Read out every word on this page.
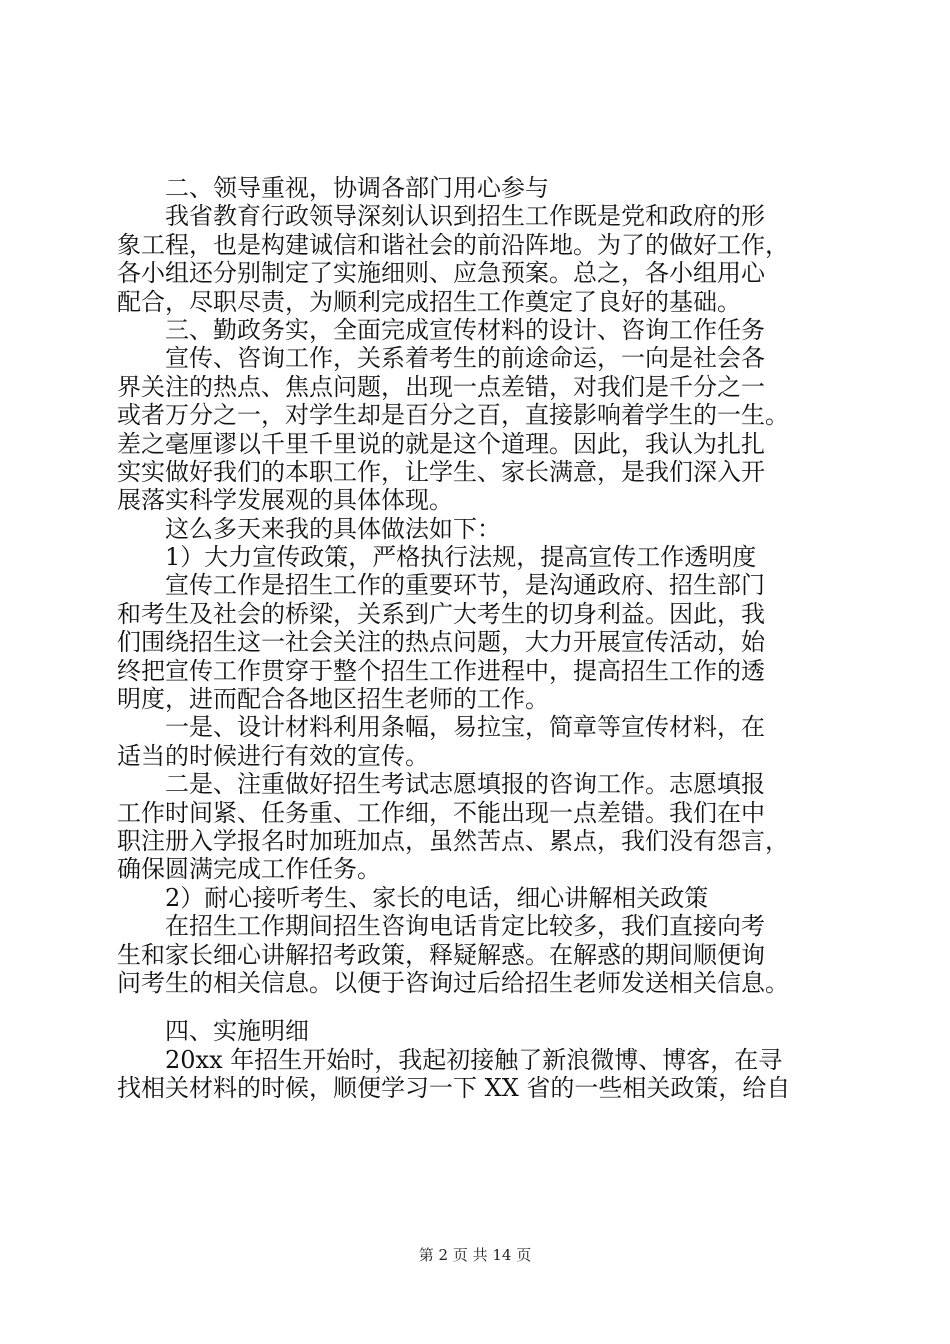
　　二、领导重视，协调各部门用心参与
　　我省教育行政领导深刻认识到招生工作既是党和政府的形
象工程，也是构建诚信和谐社会的前沿阵地。为了的做好工作，
各小组还分别制定了实施细则、应急预案。总之，各小组用心
配合，尽职尽责，为顺利完成招生工作奠定了良好的基础。
　　三、勤政务实，全面完成宣传材料的设计、咨询工作任务
　　宣传、咨询工作，关系着考生的前途命运，一向是社会各
界关注的热点、焦点问题，出现一点差错，对我们是千分之一
或者万分之一，对学生却是百分之百，直接影响着学生的一生。
差之毫厘谬以千里千里说的就是这个道理。因此，我认为扎扎
实实做好我们的本职工作，让学生、家长满意，是我们深入开
展落实科学发展观的具体体现。
　　这么多天来我的具体做法如下：
　　1）大力宣传政策，严格执行法规，提高宣传工作透明度
　　宣传工作是招生工作的重要环节，是沟通政府、招生部门
和考生及社会的桥梁，关系到广大考生的切身利益。因此，我
们围绕招生这一社会关注的热点问题，大力开展宣传活动，始
终把宣传工作贯穿于整个招生工作进程中，提高招生工作的透
明度，进而配合各地区招生老师的工作。
　　一是、设计材料利用条幅，易拉宝，简章等宣传材料，在
适当的时候进行有效的宣传。
　　二是、注重做好招生考试志愿填报的咨询工作。志愿填报
工作时间紧、任务重、工作细，不能出现一点差错。我们在中
职注册入学报名时加班加点，虽然苦点、累点，我们没有怨言，
确保圆满完成工作任务。
　　2）耐心接听考生、家长的电话，细心讲解相关政策
　　在招生工作期间招生咨询电话肯定比较多，我们直接向考
生和家长细心讲解招考政策，释疑解惑。在解惑的期间顺便询
问考生的相关信息。以便于咨询过后给招生老师发送相关信息。
　　四、实施明细
　　20xx 年招生开始时，我起初接触了新浪微博、博客，在寻
找相关材料的时候，顺便学习一下 XX 省的一些相关政策，给自
第 2 页 共 14 页
